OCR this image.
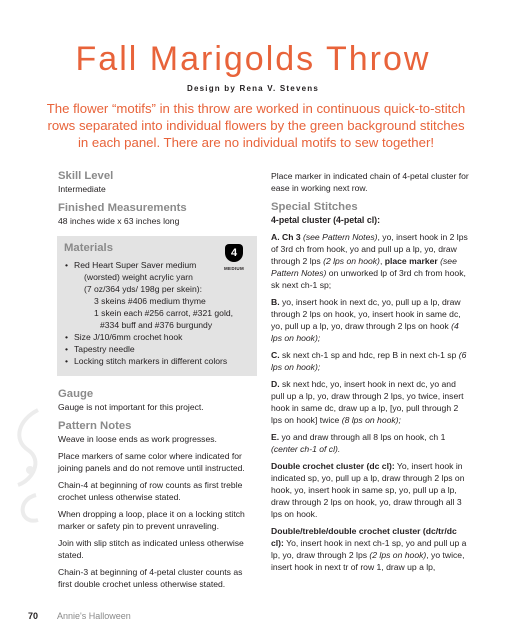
Fall Marigolds Throw
Design by Rena V. Stevens
The flower “motifs” in this throw are worked in continuous quick-to-stitch rows separated into individual flowers by the green background stitches in each panel. There are no individual motifs to sew together!

Skill Level

Intermediate

Finished Measurements

48 inches wide x 63 inches long

4
MEDIUM

Materials

• Red Heart Super Saver medium
(worsted) weight acrylic yarn
(7 oz/364 yds/ 198g per skein):
3 skeins #406 medium thyme
1 skein each #256 carrot, #321 gold,
#334 buff and #376 burgundy
• Size J/10/6mm crochet hook
• Tapestry needle
• Locking stitch markers in different colors

Gauge

Gauge is not important for this project.

Pattern Notes

Weave in loose ends as work progresses.

Place markers of same color where indicated for joining panels and do not remove until instructed.

Chain-4 at beginning of row counts as first treble crochet unless otherwise stated.

When dropping a loop, place it on a locking stitch marker or safety pin to prevent unraveling.

Join with slip stitch as indicated unless otherwise stated.

Chain-3 at beginning of 4-petal cluster counts as first double crochet unless otherwise stated.

Place marker in indicated chain of 4-petal cluster for ease in working next row.

Special Stitches

4-petal cluster (4-petal cl):

A. Ch 3 (see Pattern Notes), yo, insert hook in 2 lps of 3rd ch from hook, yo and pull up a lp, yo, draw through 2 lps (2 lps on hook), place marker (see Pattern Notes) on unworked lp of 3rd ch from hook, sk next ch-1 sp;

B. yo, insert hook in next dc, yo, pull up a lp, draw through 2 lps on hook, yo, insert hook in same dc, yo, pull up a lp, yo, draw through 2 lps on hook (4 lps on hook);

C. sk next ch-1 sp and hdc, rep B in next ch-1 sp (6 lps on hook);

D. sk next hdc, yo, insert hook in next dc, yo and pull up a lp, yo, draw through 2 lps, yo twice, insert hook in same dc, draw up a lp, [yo, pull through 2 lps on hook] twice (8 lps on hook);

E. yo and draw through all 8 lps on hook, ch 1 (center ch-1 of cl).

Double crochet cluster (dc cl): Yo, insert hook in indicated sp, yo, pull up a lp, draw through 2 lps on hook, yo, insert hook in same sp, yo, pull up a lp, draw through 2 lps on hook, yo, draw through all 3 lps on hook.

Double/treble/double crochet cluster (dc/tr/dc cl): Yo, insert hook in next ch-1 sp, yo and pull up a lp, yo, draw through 2 lps (2 lps on hook), yo twice, insert hook in next tr of row 1, draw up a lp,

70 Annie's Halloween
